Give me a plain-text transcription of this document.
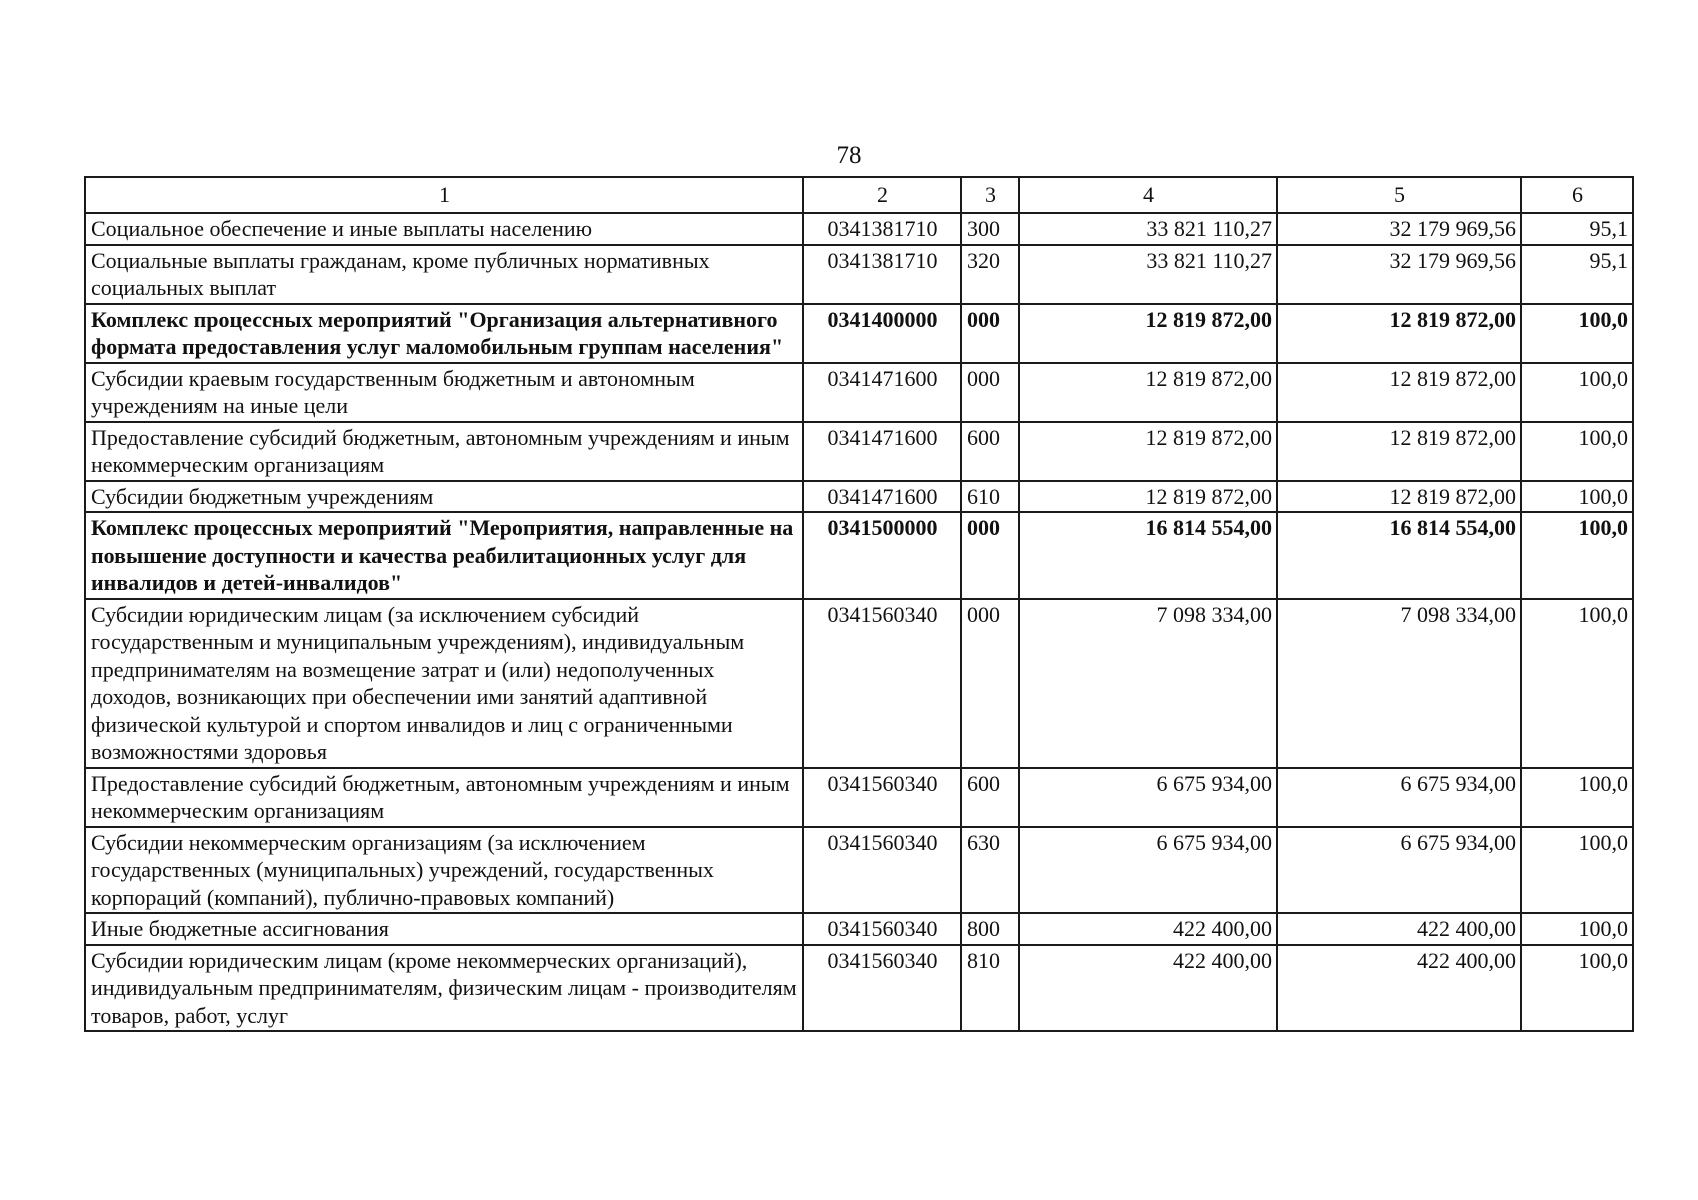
78
1	2	3	4	5	6
Социальное обеспечение и иные выплаты населению	0341381710	300	33 821 110,27	32 179 969,56	95,1
Социальные выплаты гражданам, кроме публичных нормативных социальных выплат	0341381710	320	33 821 110,27	32 179 969,56	95,1
Комплекс процессных мероприятий "Организация альтернативного формата предоставления услуг маломобильным группам населения"	0341400000	000	12 819 872,00	12 819 872,00	100,0
Субсидии краевым государственным бюджетным и автономным учреждениям на иные цели	0341471600	000	12 819 872,00	12 819 872,00	100,0
Предоставление субсидий бюджетным, автономным учреждениям и иным некоммерческим организациям	0341471600	600	12 819 872,00	12 819 872,00	100,0
Субсидии бюджетным учреждениям	0341471600	610	12 819 872,00	12 819 872,00	100,0
Комплекс процессных мероприятий "Мероприятия, направленные на повышение доступности и качества реабилитационных услуг для инвалидов и детей-инвалидов"	0341500000	000	16 814 554,00	16 814 554,00	100,0
Субсидии юридическим лицам (за исключением субсидий государственным и муниципальным учреждениям), индивидуальным предпринимателям на возмещение затрат и (или) недополученных доходов, возникающих при обеспечении ими занятий адаптивной физической культурой и спортом инвалидов и лиц с ограниченными возможностями здоровья	0341560340	000	7 098 334,00	7 098 334,00	100,0
Предоставление субсидий бюджетным, автономным учреждениям и иным некоммерческим организациям	0341560340	600	6 675 934,00	6 675 934,00	100,0
Субсидии некоммерческим организациям (за исключением государственных (муниципальных) учреждений, государственных корпораций (компаний), публично-правовых компаний)	0341560340	630	6 675 934,00	6 675 934,00	100,0
Иные бюджетные ассигнования	0341560340	800	422 400,00	422 400,00	100,0
Субсидии юридическим лицам (кроме некоммерческих организаций), индивидуальным предпринимателям, физическим лицам - производителям товаров, работ, услуг	0341560340	810	422 400,00	422 400,00	100,0
